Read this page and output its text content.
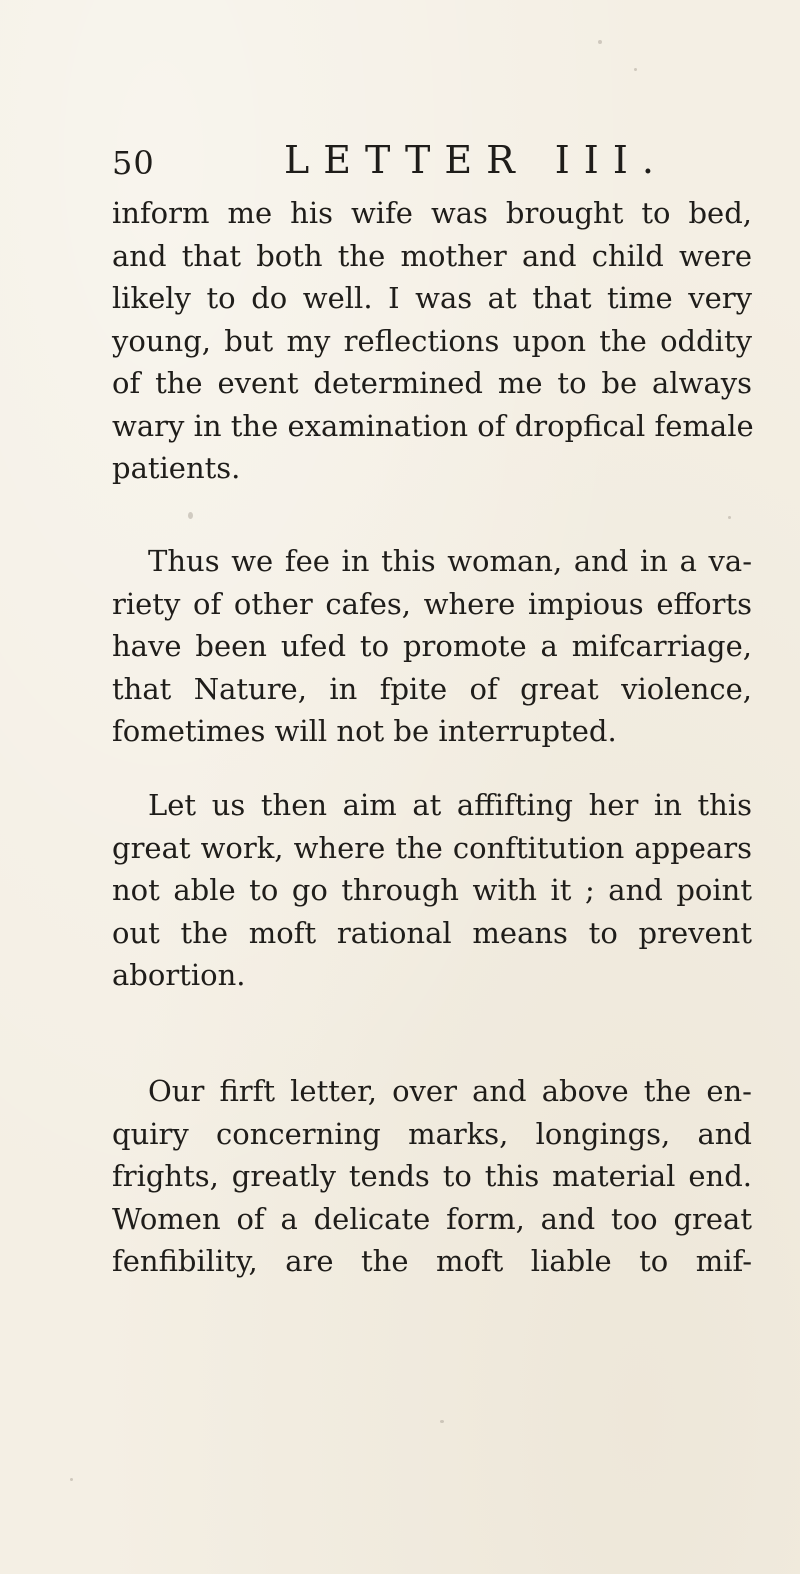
50	LETTER III.
inform me his wife was brought to bed,
and that both the mother and child were
likely to do well. I was at that time very
young, but my reflections upon the oddity
of the event determined me to be always
wary in the examination of dropfical female
patients.
Thus we fee in this woman, and in a va-
riety of other cafes, where impious efforts
have been ufed to promote a mifcarriage,
that Nature, in fpite of great violence,
fometimes will not be interrupted.
Let us then aim at affifting her in this
great work, where the conftitution appears
not able to go through with it ; and point
out the moft rational means to prevent
abortion.
Our firft letter, over and above the en-
quiry concerning marks, longings, and
frights, greatly tends to this material end.
Women of a delicate form, and too great
fenfibility, are the moft liable to mif-
